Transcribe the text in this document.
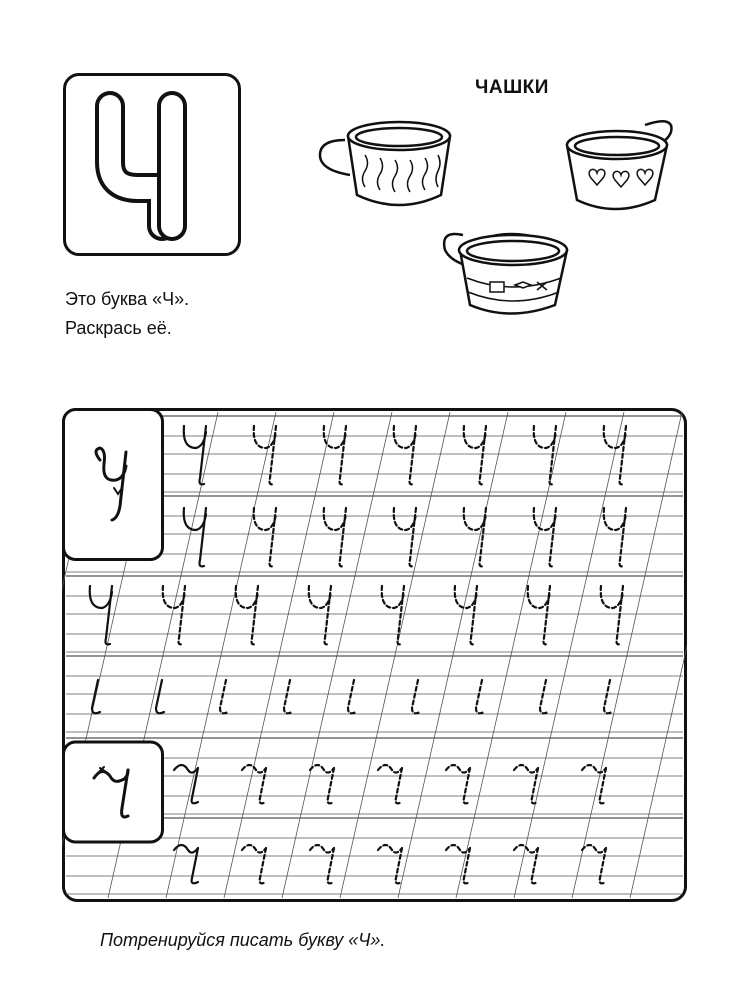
ЧАШКИ
Это буква «Ч».
Раскрась её.
Потренируйся писать букву «Ч».
